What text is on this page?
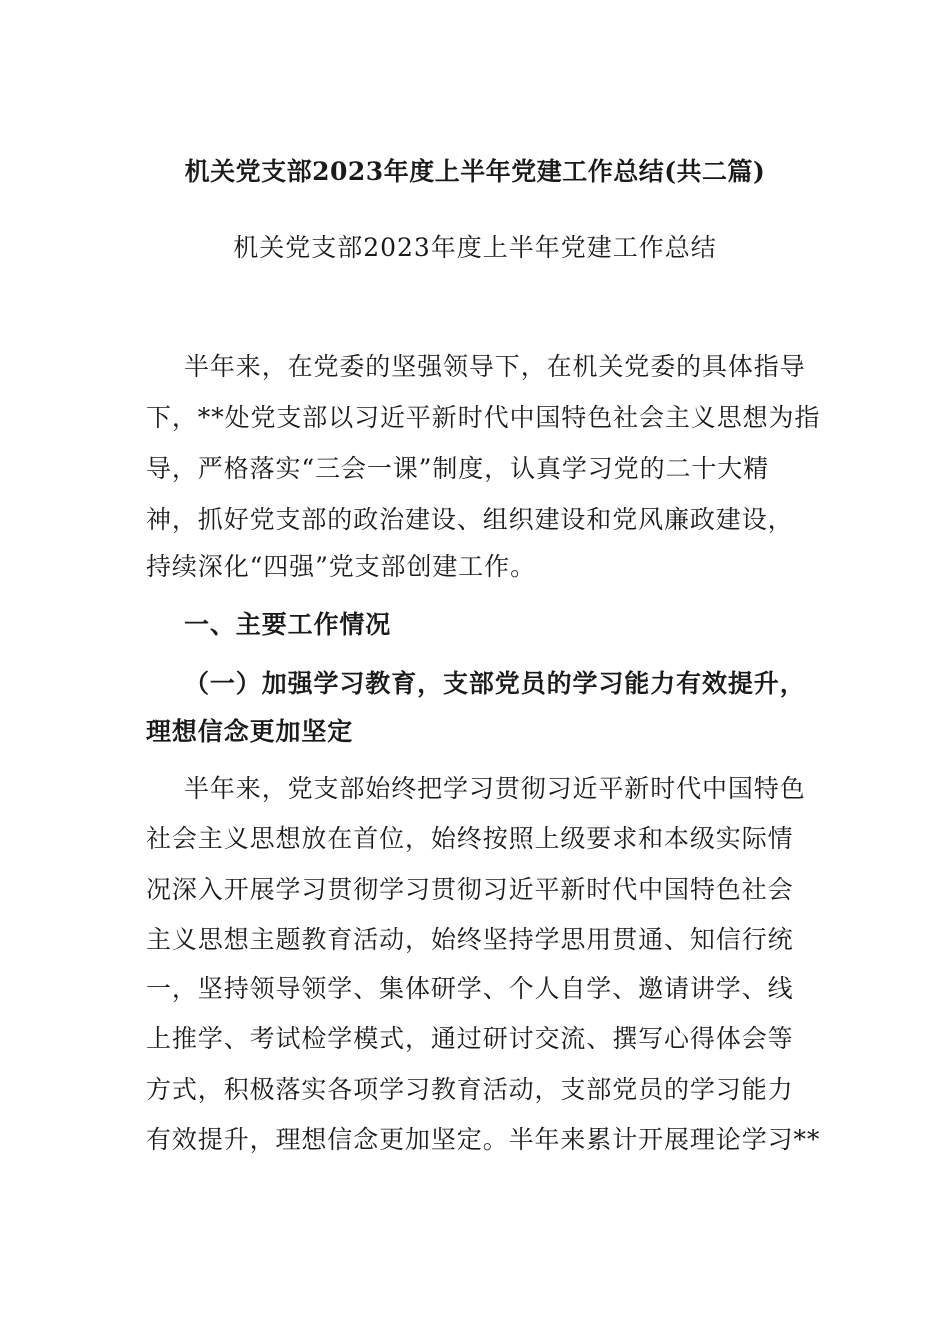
机关党支部2023年度上半年党建工作总结(共二篇)
机关党支部2023年度上半年党建工作总结
半年来，在党委的坚强领导下，在机关党委的具体指导
下，**处党支部以习近平新时代中国特色社会主义思想为指
导，严格落实“三会一课”制度，认真学习党的二十大精
神，抓好党支部的政治建设、组织建设和党风廉政建设，
持续深化“四强”党支部创建工作。
一、主要工作情况
（一）加强学习教育，支部党员的学习能力有效提升，
理想信念更加坚定
半年来，党支部始终把学习贯彻习近平新时代中国特色
社会主义思想放在首位，始终按照上级要求和本级实际情
况深入开展学习贯彻学习贯彻习近平新时代中国特色社会
主义思想主题教育活动，始终坚持学思用贯通、知信行统
一，坚持领导领学、集体研学、个人自学、邀请讲学、线
上推学、考试检学模式，通过研讨交流、撰写心得体会等
方式，积极落实各项学习教育活动，支部党员的学习能力
有效提升，理想信念更加坚定。半年来累计开展理论学习**
